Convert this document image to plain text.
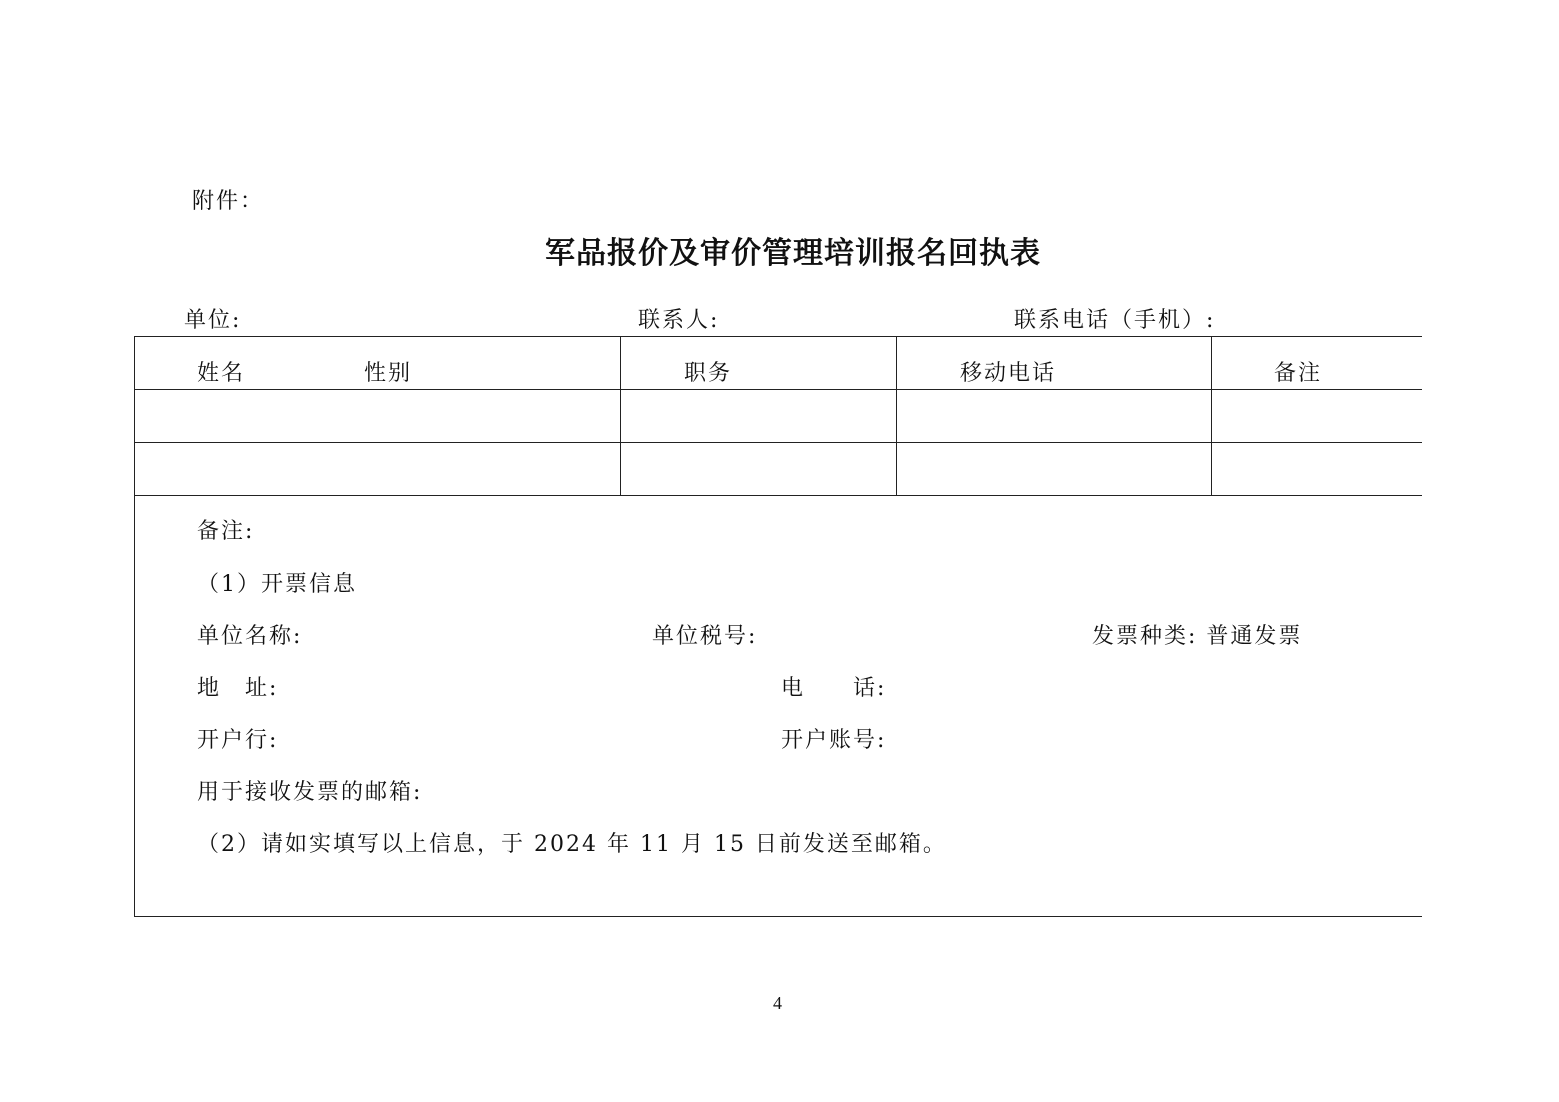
附件：
军品报价及审价管理培训报名回执表
单位:	联系人:	联系电话（手机）:
姓名	性别	职务	移动电话	备注
备注:
（1）开票信息
单位名称:	单位税号:	发票种类: 普通发票
地　址:	电　　话:
开户行:	开户账号:
用于接收发票的邮箱:
（2）请如实填写以上信息，于 2024 年 11 月 15 日前发送至邮箱。
4
